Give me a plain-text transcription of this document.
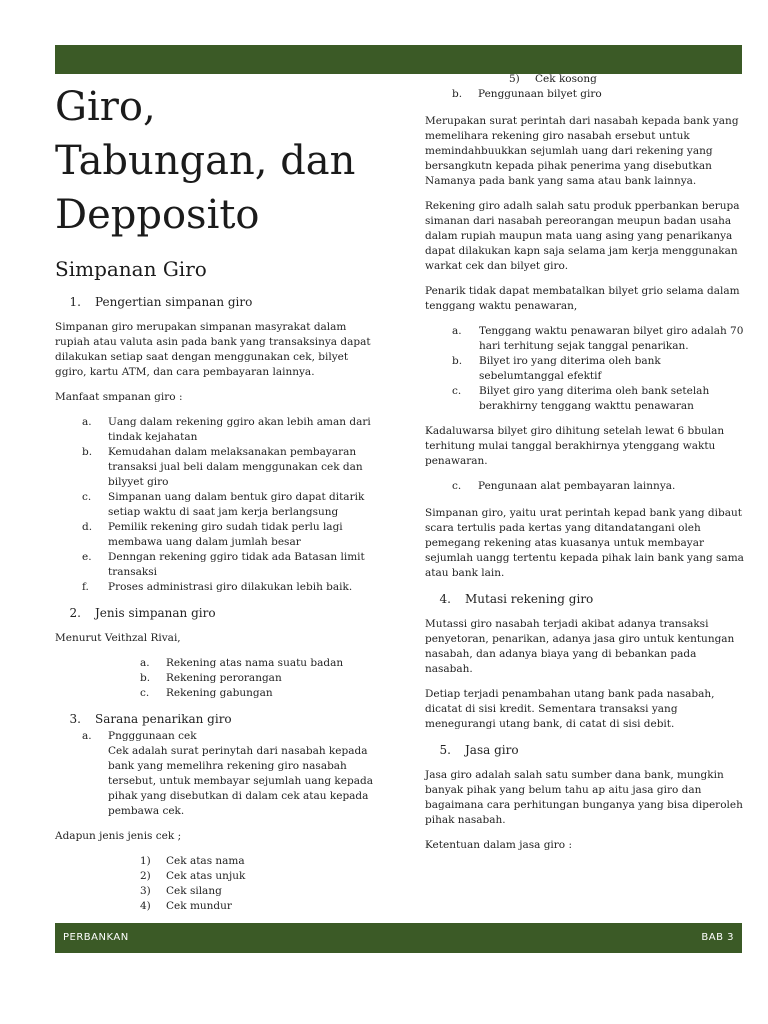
Giro, Tabungan, dan Depposito
Simpanan Giro
1.	Pengertian simpanan giro

Simpanan giro merupakan simpanan masyrakat dalam rupiah atau valuta asin pada bank yang transaksinya dapat dilakukan setiap saat dengan menggunakan cek, bilyet ggiro, kartu ATM, dan cara pembayaran lainnya.

Manfaat smpanan giro :

a.	Uang dalam rekening ggiro akan lebih aman dari tindak kejahatan
b.	Kemudahan dalam melaksanakan pembayaran transaksi jual beli dalam menggunakan cek dan bilyyet giro
c.	Simpanan uang dalam bentuk giro dapat ditarik setiap waktu di saat jam kerja berlangsung
d.	Pemilik rekening giro sudah tidak perlu lagi membawa uang dalam jumlah besar
e.	Denngan rekening ggiro tidak ada Batasan limit transaksi
f.	Proses administrasi giro dilakukan lebih baik.
2.	Jenis simpanan giro

Menurut Veithzal Rivai,

a.	Rekening atas nama suatu badan
b.	Rekening perorangan
c.	Rekening gabungan
3.	Sarana penarikan giro
a.	Pngggunaan cek
Cek adalah surat perinytah dari nasabah kepada bank yang memelihra rekening giro nasabah tersebut, untuk membayar sejumlah uang kepada pihak yang disebutkan di dalam cek atau kepada pembawa cek.

Adapun jenis jenis cek ;

1)	Cek atas nama
2)	Cek atas unjuk
3)	Cek silang
4)	Cek mundur
5)	Cek kosong
b.	Penggunaan bilyet giro

Merupakan surat perintah dari nasabah kepada bank yang memelihara rekening giro nasabah ersebut untuk memindahbuukkan sejumlah uang dari rekening yang bersangkutn kepada pihak penerima yang disebutkan Namanya pada bank yang sama atau bank lainnya.

Rekening giro adalh salah satu produk pperbankan berupa simanan dari nasabah pereorangan meupun badan usaha dalam rupiah maupun mata uang asing yang penarikanya dapat dilakukan kapn saja selama jam kerja menggunakan warkat cek dan bilyet giro.

Penarik tidak dapat membatalkan bilyet grio selama dalam tenggang waktu penawaran,

a.	Tenggang waktu penawaran bilyet giro adalah 70 hari terhitung sejak tanggal penarikan.
b.	Bilyet iro yang diterima oleh bank sebelumtanggal efektif
c.	Bilyet giro yang diterima oleh bank setelah berakhirny tenggang wakttu penawaran

Kadaluwarsa bilyet giro dihitung setelah lewat 6 bbulan terhitung mulai tanggal berakhirnya ytenggang waktu penawaran.

c.	Pengunaan alat pembayaran lainnya.

Simpanan giro, yaitu urat perintah kepad bank yang dibaut scara tertulis pada kertas yang ditandatangani oleh pemegang rekening atas kuasanya untuk membayar sejumlah uangg tertentu kepada pihak lain bank yang sama atau bank lain.

4.	Mutasi rekening giro

Mutassi giro nasabah terjadi akibat adanya transaksi penyetoran, penarikan, adanya jasa giro untuk kentungan nasabah, dan adanya biaya yang di bebankan pada nasabah.

Detiap terjadi penambahan utang bank pada nasabah, dicatat di sisi kredit. Sementara transaksi yang menegurangi utang bank, di catat di sisi debit.

5.	Jasa giro

Jasa giro adalah salah satu sumber dana bank, mungkin banyak pihak yang belum tahu ap aitu jasa giro dan bagaimana cara perhitungan bunganya yang bisa diperoleh pihak nasabah.

Ketentuan dalam jasa giro :

PERBANKAN	BAB 3
